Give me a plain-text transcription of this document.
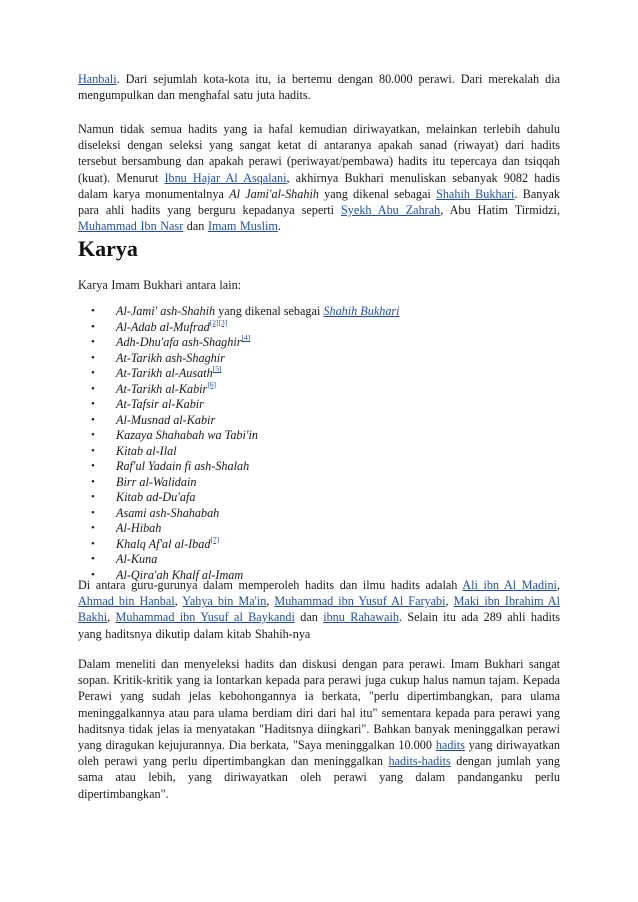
Hanbali. Dari sejumlah kota-kota itu, ia bertemu dengan 80.000 perawi. Dari merekalah dia mengumpulkan dan menghafal satu juta hadits.

Namun tidak semua hadits yang ia hafal kemudian diriwayatkan, melainkan terlebih dahulu diseleksi dengan seleksi yang sangat ketat di antaranya apakah sanad (riwayat) dari hadits tersebut bersambung dan apakah perawi (periwayat/pembawa) hadits itu tepercaya dan tsiqqah (kuat). Menurut Ibnu Hajar Al Asqalani, akhirnya Bukhari menuliskan sebanyak 9082 hadis dalam karya monumentalnya Al Jami'al-Shahih yang dikenal sebagai Shahih Bukhari. Banyak para ahli hadits yang berguru kepadanya seperti Syekh Abu Zahrah, Abu Hatim Tirmidzi, Muhammad Ibn Nasr dan Imam Muslim.

Karya

Karya Imam Bukhari antara lain:

• Al-Jami' ash-Shahih yang dikenal sebagai Shahih Bukhari
• Al-Adab al-Mufrad[2][3]
• Adh-Dhu'afa ash-Shaghir[4]
• At-Tarikh ash-Shaghir
• At-Tarikh al-Ausath[5]
• At-Tarikh al-Kabir[6]
• At-Tafsir al-Kabir
• Al-Musnad al-Kabir
• Kazaya Shahabah wa Tabi'in
• Kitab al-Ilal
• Raf'ul Yadain fi ash-Shalah
• Birr al-Walidain
• Kitab ad-Du'afa
• Asami ash-Shahabah
• Al-Hibah
• Khalq Af'al al-Ibad[7]
• Al-Kuna
• Al-Qira'ah Khalf al-Imam

Di antara guru-gurunya dalam memperoleh hadits dan ilmu hadits adalah Ali ibn Al Madini, Ahmad bin Hanbal, Yahya bin Ma'in, Muhammad ibn Yusuf Al Faryabi, Maki ibn Ibrahim Al Bakhi, Muhammad ibn Yusuf al Baykandi dan ibnu Rahawaih. Selain itu ada 289 ahli hadits yang haditsnya dikutip dalam kitab Shahih-nya

Dalam meneliti dan menyeleksi hadits dan diskusi dengan para perawi. Imam Bukhari sangat sopan. Kritik-kritik yang ia lontarkan kepada para perawi juga cukup halus namun tajam. Kepada Perawi yang sudah jelas kebohongannya ia berkata, "perlu dipertimbangkan, para ulama meninggalkannya atau para ulama berdiam diri dari hal itu" sementara kepada para perawi yang haditsnya tidak jelas ia menyatakan "Haditsnya diingkari". Bahkan banyak meninggalkan perawi yang diragukan kejujurannya. Dia berkata, "Saya meninggalkan 10.000 hadits yang diriwayatkan oleh perawi yang perlu dipertimbangkan dan meninggalkan hadits-hadits dengan jumlah yang sama atau lebih, yang diriwayatkan oleh perawi yang dalam pandanganku perlu dipertimbangkan".
